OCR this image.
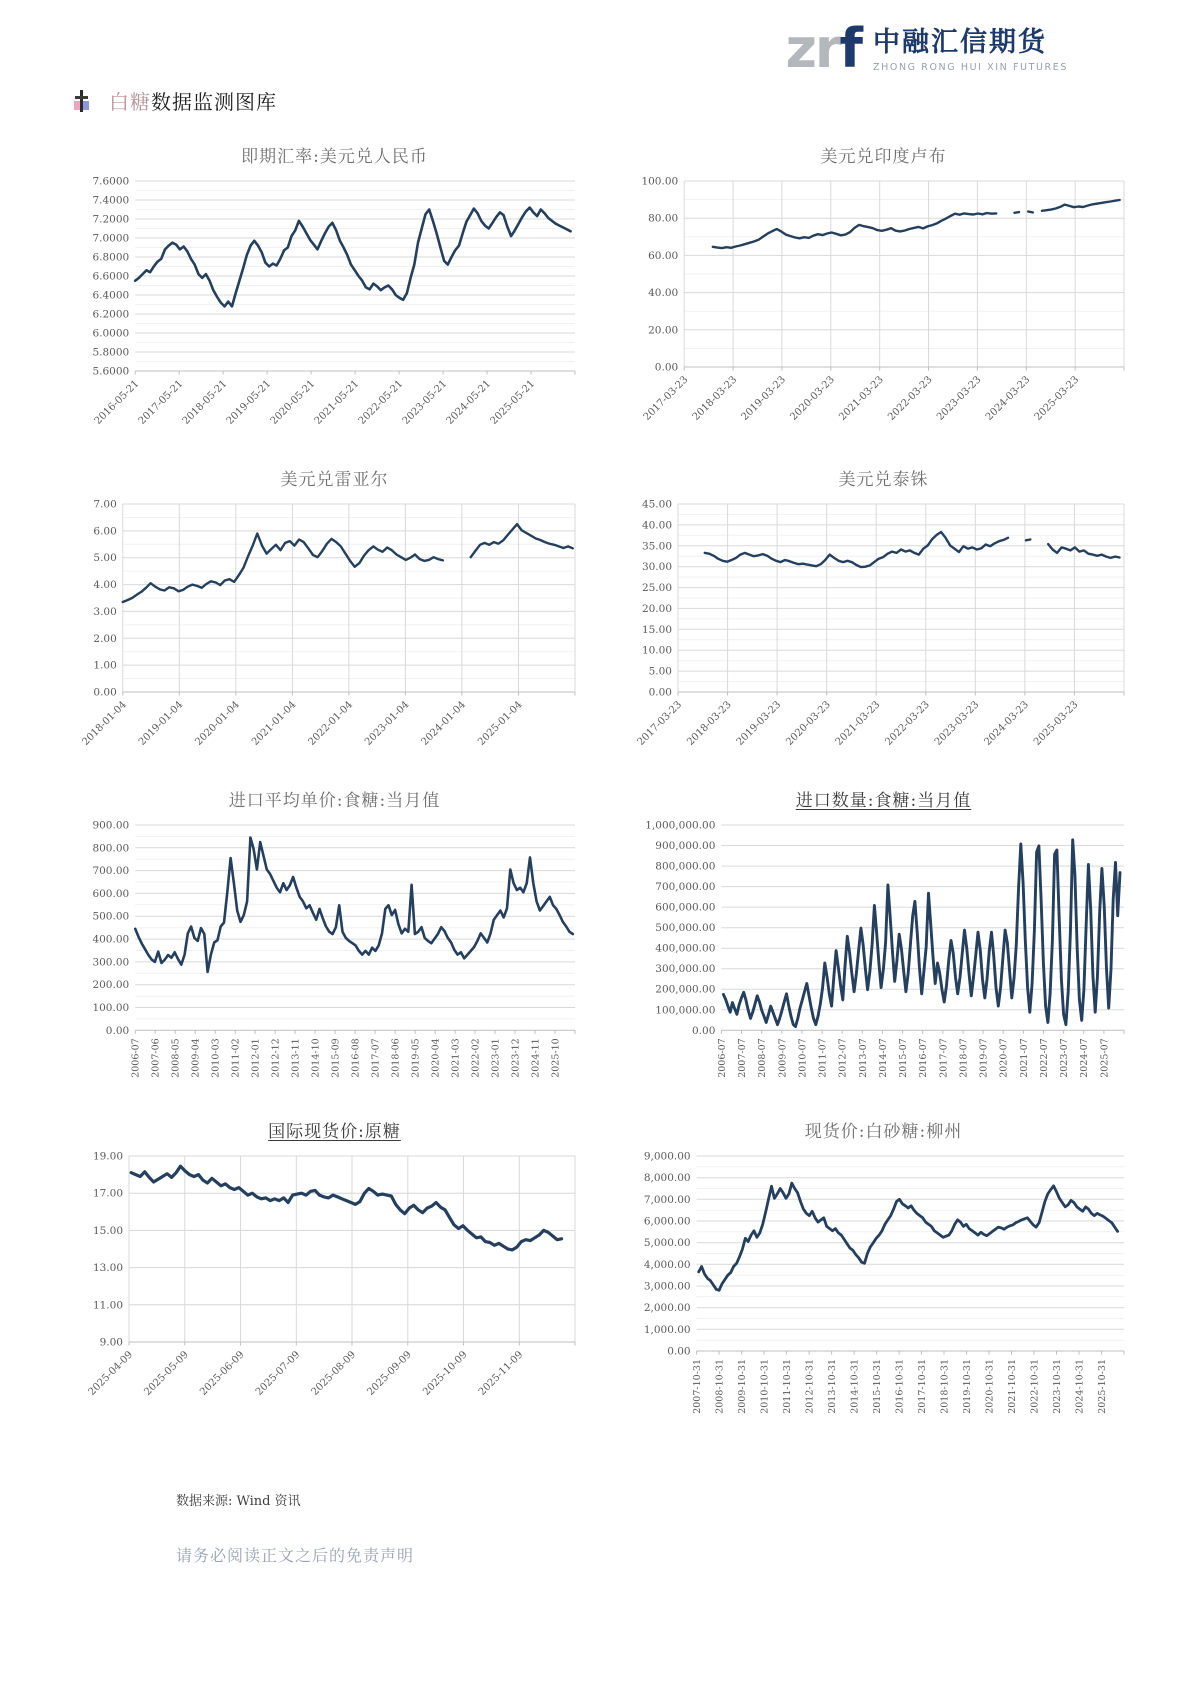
zrf 中融汇信期货
ZHONG RONG HUI XIN FUTURES
白糖数据监测图库
即期汇率:美元兑人民币
5.6000
5.8000
6.0000
6.2000
6.4000
6.6000
6.8000
7.0000
7.2000
7.4000
7.6000
2016-05-21
2017-05-21
2018-05-21
2019-05-21
2020-05-21
2021-05-21
2022-05-21
2023-05-21
2024-05-21
2025-05-21
美元兑印度卢布
0.00
20.00
40.00
60.00
80.00
100.00
2017-03-23 2018-03-23 2019-03-23 2020-03-23 2021-03-23 2022-03-23 2023-03-23 2024-03-23 2025-03-23
美元兑雷亚尔
0.00
1.00
2.00
3.00
4.00
5.00
6.00
7.00
2018-01-04 2019-01-04 2020-01-04 2021-01-04 2022-01-04 2023-01-04 2024-01-04 2025-01-04
美元兑泰铢
0.00
5.00
10.00
15.00
20.00
25.00
30.00
35.00
40.00
45.00
2017-03-23 2018-03-23 2019-03-23 2020-03-23 2021-03-23 2022-03-23 2023-03-23 2024-03-23 2025-03-23
进口平均单价:食糖:当月值
0.00
100.00
200.00
300.00
400.00
500.00
600.00
700.00
800.00
900.00
2006-07 2007-06 2008-05 2009-04 2010-03 2011-02 2012-01 2012-12 2013-11 2014-10 2015-09 2016-08 2017-07 2018-06 2019-05 2020-04 2021-03 2022-02 2023-01 2023-12 2024-11 2025-10
进口数量:食糖:当月值
0.00
100,000.00
200,000.00
300,000.00
400,000.00
500,000.00
600,000.00
700,000.00
800,000.00
900,000.00
1,000,000.00
2006-07 2007-07 2008-07 2009-07 2010-07 2011-07 2012-07 2013-07 2014-07 2015-07 2016-07 2017-07 2018-07 2019-07 2020-07 2021-07 2022-07 2023-07 2024-07 2025-07
国际现货价:原糖
9.00
11.00
13.00
15.00
17.00
19.00
2025-04-09 2025-05-09 2025-06-09 2025-07-09 2025-08-09 2025-09-09 2025-10-09 2025-11-09
现货价:白砂糖:柳州
0.00
1,000.00
2,000.00
3,000.00
4,000.00
5,000.00
6,000.00
7,000.00
8,000.00
9,000.00
2007-10-31 2008-10-31 2009-10-31 2010-10-31 2011-10-31 2012-10-31 2013-10-31 2014-10-31 2015-10-31 2016-10-31 2017-10-31 2018-10-31 2019-10-31 2020-10-31 2021-10-31 2022-10-31 2023-10-31 2024-10-31 2025-10-31
数据来源: Wind 资讯
请务必阅读正文之后的免责声明
